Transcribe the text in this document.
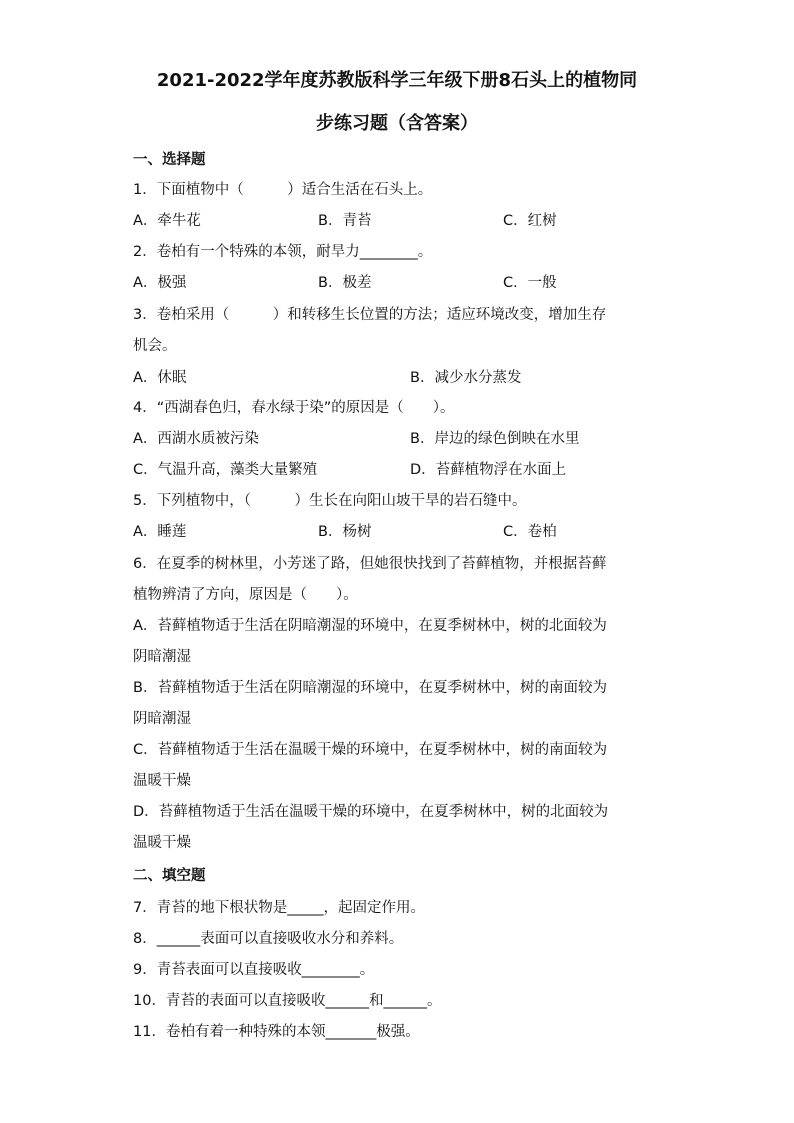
2021-2022学年度苏教版科学三年级下册8石头上的植物同
步练习题（含答案）
一、选择题
1．下面植物中（　　　）适合生活在石头上。
A．牵牛花	B．青苔	C．红树
2．卷柏有一个特殊的本领，耐旱力________。
A．极强	B．极差	C．一般
3．卷柏采用（　　　）和转移生长位置的方法；适应环境改变，增加生存
机会。
A．休眠	B．减少水分蒸发
4．“西湖春色归，春水绿于染”的原因是（　　）。
A．西湖水质被污染	B．岸边的绿色倒映在水里
C．气温升高，藻类大量繁殖	D．苔藓植物浮在水面上
5．下列植物中，（　　　）生长在向阳山坡干旱的岩石缝中。
A．睡莲	B．杨树	C．卷柏
6．在夏季的树林里，小芳迷了路，但她很快找到了苔藓植物，并根据苔藓
植物辨清了方向，原因是（　　）。
A．苔藓植物适于生活在阴暗潮湿的环境中，在夏季树林中，树的北面较为
阴暗潮湿
B．苔藓植物适于生活在阴暗潮湿的环境中，在夏季树林中，树的南面较为
阴暗潮湿
C．苔藓植物适于生活在温暖干燥的环境中，在夏季树林中，树的南面较为
温暖干燥
D．苔藓植物适于生活在温暖干燥的环境中，在夏季树林中，树的北面较为
温暖干燥
二、填空题
7．青苔的地下根状物是_____，起固定作用。
8．______表面可以直接吸收水分和养料。
9．青苔表面可以直接吸收________。
10．青苔的表面可以直接吸收______和______。
11．卷柏有着一种特殊的本领_______极强。
